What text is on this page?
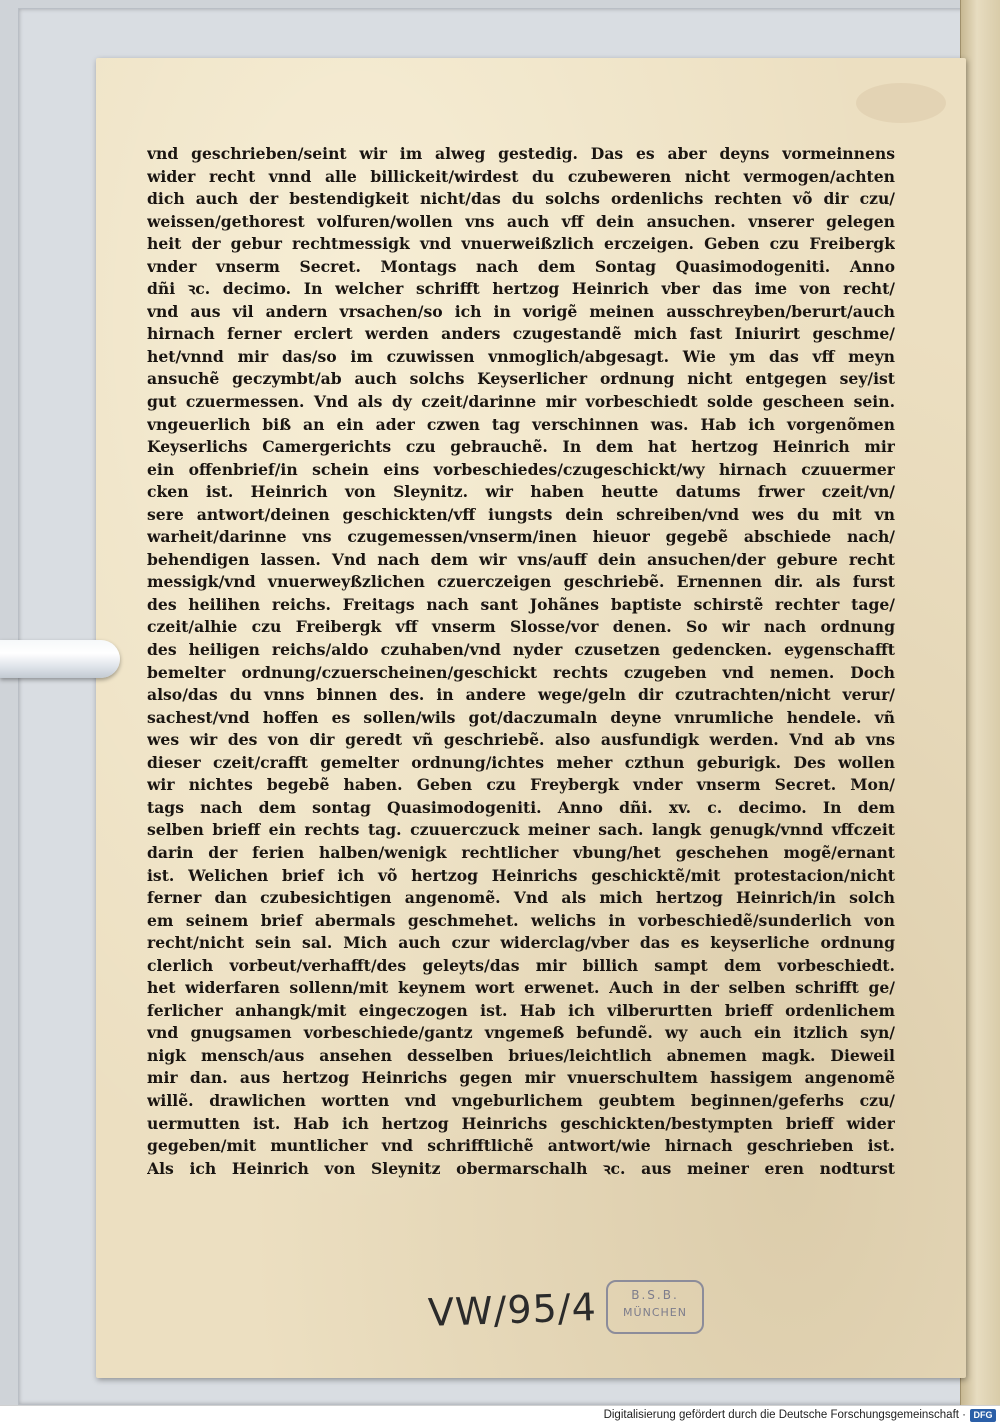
vnd geschrieben/seint wir im alweg gestedig. Das es aber deyns vormeinnens
wider recht vnnd alle billickeit/wirdest du czubeweren nicht vermogen/achten
dich auch der bestendigkeit nicht/das du solchs ordenlichs rechten võ dir czu/
weissen/gethorest volfuren/wollen vns auch vff dein ansuchen. vnserer gelegen
heit der gebur rechtmessigk vnd vnuerweißzlich erczeigen. Geben czu Freibergk
vnder vnserm Secret. Montags nach dem Sontag Quasimodogeniti. Anno
dñi ꝛc. decimo. In welcher schrifft hertzog Heinrich vber das ime von recht/
vnd aus vil andern vrsachen/so ich in vorigẽ meinen ausschreyben/berurt/auch
hirnach ferner erclert werden anders czugestandẽ mich fast Iniurirt geschme/
het/vnnd mir das/so im czuwissen vnmoglich/abgesagt. Wie ym das vff meyn
ansuchẽ geczymbt/ab auch solchs Keyserlicher ordnung nicht entgegen sey/ist
gut czuermessen. Vnd als dy czeit/darinne mir vorbeschiedt solde gescheen sein.
vngeuerlich biß an ein ader czwen tag verschinnen was. Hab ich vorgenõmen
Keyserlichs Camergerichts czu gebrauchẽ. In dem hat hertzog Heinrich mir
ein offenbrief/in schein eins vorbeschiedes/czugeschickt/wy hirnach czuuermer
cken ist. Heinrich von Sleynitz. wir haben heutte datums frwer czeit/vn/
sere antwort/deinen geschickten/vff iungsts dein schreiben/vnd wes du mit vn
warheit/darinne vns czugemessen/vnserm/inen hieuor gegebẽ abschiede nach/
behendigen lassen. Vnd nach dem wir vns/auff dein ansuchen/der gebure recht
messigk/vnd vnuerweyßzlichen czuerczeigen geschriebẽ. Ernennen dir. als furst
des heilihen reichs. Freitags nach sant Johãnes baptiste schirstẽ rechter tage/
czeit/alhie czu Freibergk vff vnserm Slosse/vor denen. So wir nach ordnung
des heiligen reichs/aldo czuhaben/vnd nyder czusetzen gedencken. eygenschafft
bemelter ordnung/czuerscheinen/geschickt rechts czugeben vnd nemen. Doch
also/das du vnns binnen des. in andere wege/geln dir czutrachten/nicht verur/
sachest/vnd hoffen es sollen/wils got/daczumaln deyne vnrumliche hendele. vñ
wes wir des von dir geredt vñ geschriebẽ. also ausfundigk werden. Vnd ab vns
dieser czeit/crafft gemelter ordnung/ichtes meher czthun geburigk. Des wollen
wir nichtes begebẽ haben. Geben czu Freybergk vnder vnserm Secret. Mon/
tags nach dem sontag Quasimodogeniti. Anno dñi. xv. c. decimo. In dem
selben brieff ein rechts tag. czuuerczuck meiner sach. langk genugk/vnnd vffczeit
darin der ferien halben/wenigk rechtlicher vbung/het geschehen mogẽ/ernant
ist. Welichen brief ich võ hertzog Heinrichs geschicktẽ/mit protestacion/nicht
ferner dan czubesichtigen angenomẽ. Vnd als mich hertzog Heinrich/in solch
em seinem brief abermals geschmehet. welichs in vorbeschiedẽ/sunderlich von
recht/nicht sein sal. Mich auch czur widerclag/vber das es keyserliche ordnung
clerlich vorbeut/verhafft/des geleyts/das mir billich sampt dem vorbeschiedt.
het widerfaren sollenn/mit keynem wort erwenet. Auch in der selben schrifft ge/
ferlicher anhangk/mit eingeczogen ist. Hab ich vilberurtten brieff ordenlichem
vnd gnugsamen vorbeschiede/gantz vngemeß befundẽ. wy auch ein itzlich syn/
nigk mensch/aus ansehen desselben briues/leichtlich abnemen magk. Dieweil
mir dan. aus hertzog Heinrichs gegen mir vnuerschultem hassigem angenomẽ
willẽ. drawlichen wortten vnd vngeburlichem geubtem beginnen/geferhs czu/
uermutten ist. Hab ich hertzog Heinrichs geschickten/bestympten brieff wider
gegeben/mit muntlicher vnd schrifftlichẽ antwort/wie hirnach geschrieben ist.
Als ich Heinrich von Sleynitz obermarschalh ꝛc. aus meiner eren nodturst
VW/95/4	B.S.B.
MÜNCHEN
Digitalisierung gefördert durch die Deutsche Forschungsgemeinschaft · DFG
